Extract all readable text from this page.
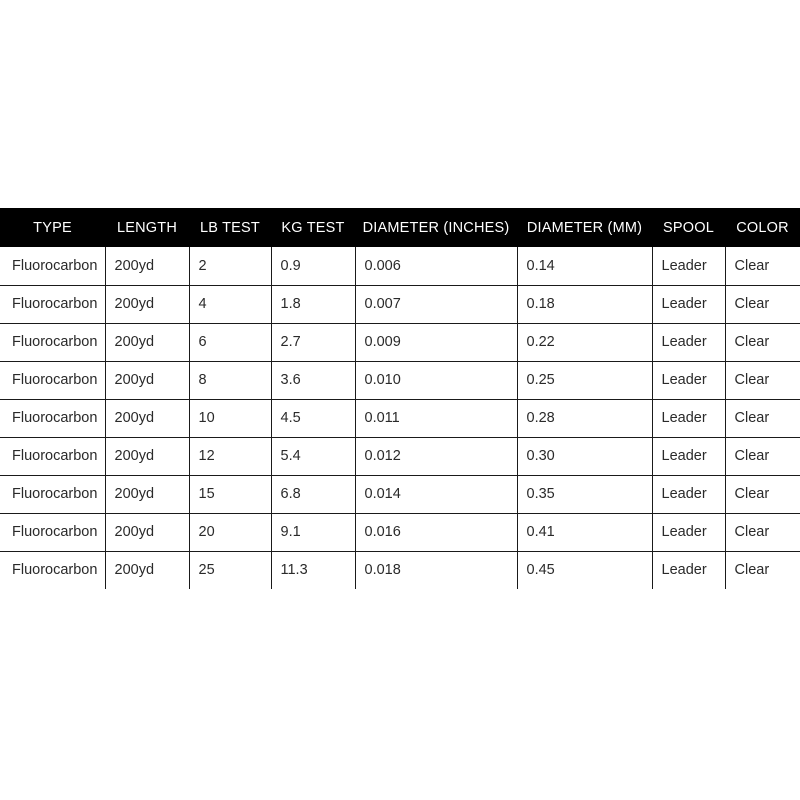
TYPE	LENGTH	LB TEST	KG TEST	DIAMETER (INCHES)	DIAMETER (MM)	SPOOL	COLOR
Fluorocarbon	200yd	2	0.9	0.006	0.14	Leader	Clear
Fluorocarbon	200yd	4	1.8	0.007	0.18	Leader	Clear
Fluorocarbon	200yd	6	2.7	0.009	0.22	Leader	Clear
Fluorocarbon	200yd	8	3.6	0.010	0.25	Leader	Clear
Fluorocarbon	200yd	10	4.5	0.011	0.28	Leader	Clear
Fluorocarbon	200yd	12	5.4	0.012	0.30	Leader	Clear
Fluorocarbon	200yd	15	6.8	0.014	0.35	Leader	Clear
Fluorocarbon	200yd	20	9.1	0.016	0.41	Leader	Clear
Fluorocarbon	200yd	25	11.3	0.018	0.45	Leader	Clear
